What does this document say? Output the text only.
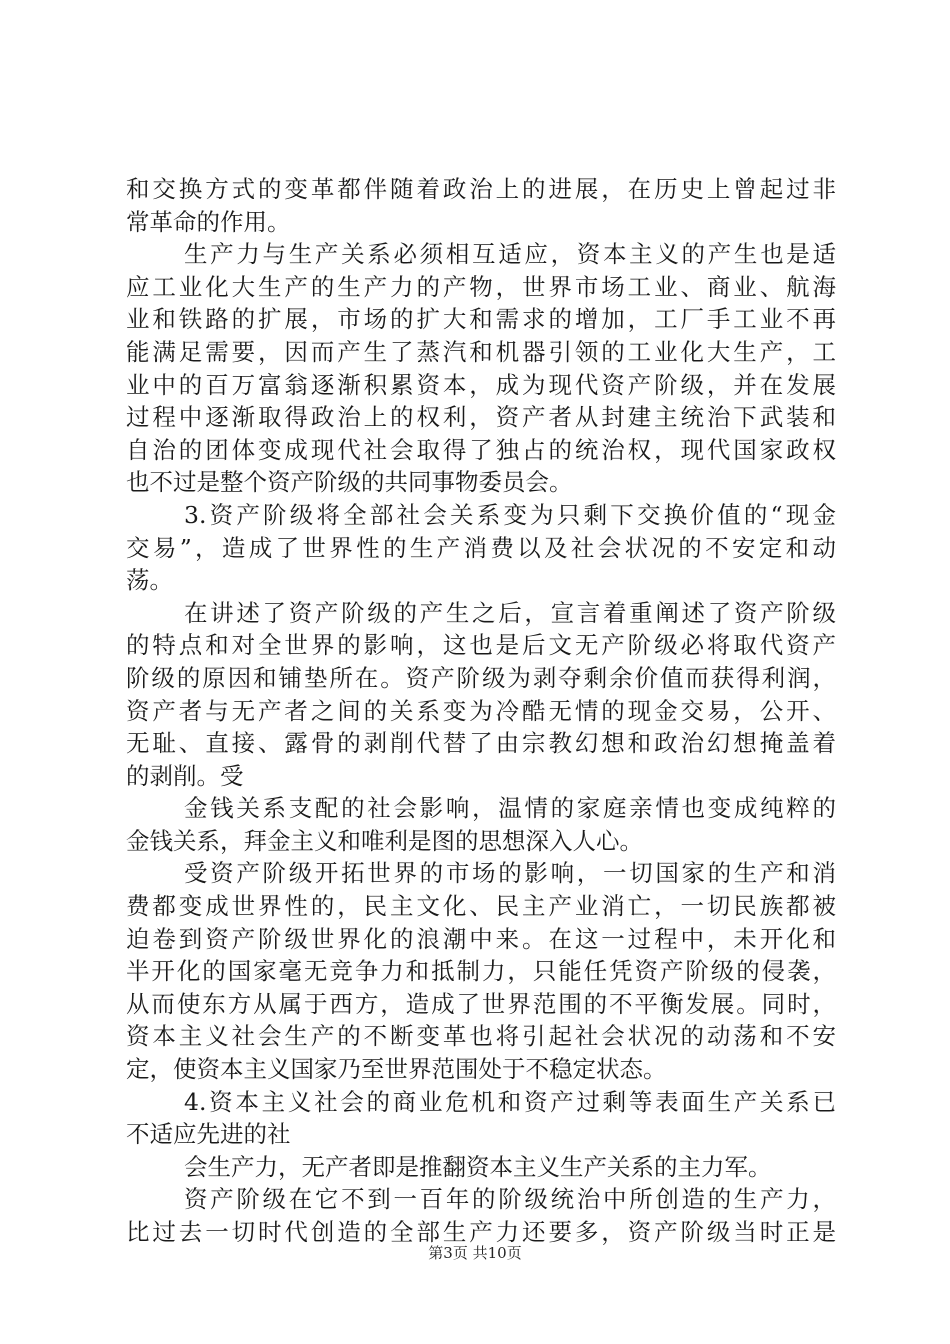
和交换方式的变革都伴随着政治上的进展，在历史上曾起过非
常革命的作用。
生产力与生产关系必须相互适应，资本主义的产生也是适
应工业化大生产的生产力的产物，世界市场工业、商业、航海
业和铁路的扩展，市场的扩大和需求的增加，工厂手工业不再
能满足需要，因而产生了蒸汽和机器引领的工业化大生产，工
业中的百万富翁逐渐积累资本，成为现代资产阶级，并在发展
过程中逐渐取得政治上的权利，资产者从封建主统治下武装和
自治的团体变成现代社会取得了独占的统治权，现代国家政权
也不过是整个资产阶级的共同事物委员会。
3.资产阶级将全部社会关系变为只剩下交换价值的“现金
交易”，造成了世界性的生产消费以及社会状况的不安定和动
荡。
在讲述了资产阶级的产生之后，宣言着重阐述了资产阶级
的特点和对全世界的影响，这也是后文无产阶级必将取代资产
阶级的原因和铺垫所在。资产阶级为剥夺剩余价值而获得利润，
资产者与无产者之间的关系变为冷酷无情的现金交易，公开、
无耻、直接、露骨的剥削代替了由宗教幻想和政治幻想掩盖着
的剥削。受
金钱关系支配的社会影响，温情的家庭亲情也变成纯粹的
金钱关系，拜金主义和唯利是图的思想深入人心。
受资产阶级开拓世界的市场的影响，一切国家的生产和消
费都变成世界性的，民主文化、民主产业消亡，一切民族都被
迫卷到资产阶级世界化的浪潮中来。在这一过程中，未开化和
半开化的国家毫无竞争力和抵制力，只能任凭资产阶级的侵袭，
从而使东方从属于西方，造成了世界范围的不平衡发展。同时，
资本主义社会生产的不断变革也将引起社会状况的动荡和不安
定，使资本主义国家乃至世界范围处于不稳定状态。
4.资本主义社会的商业危机和资产过剩等表面生产关系已
不适应先进的社
会生产力，无产者即是推翻资本主义生产关系的主力军。
资产阶级在它不到一百年的阶级统治中所创造的生产力，
比过去一切时代创造的全部生产力还要多，资产阶级当时正是
第3页 共10页
